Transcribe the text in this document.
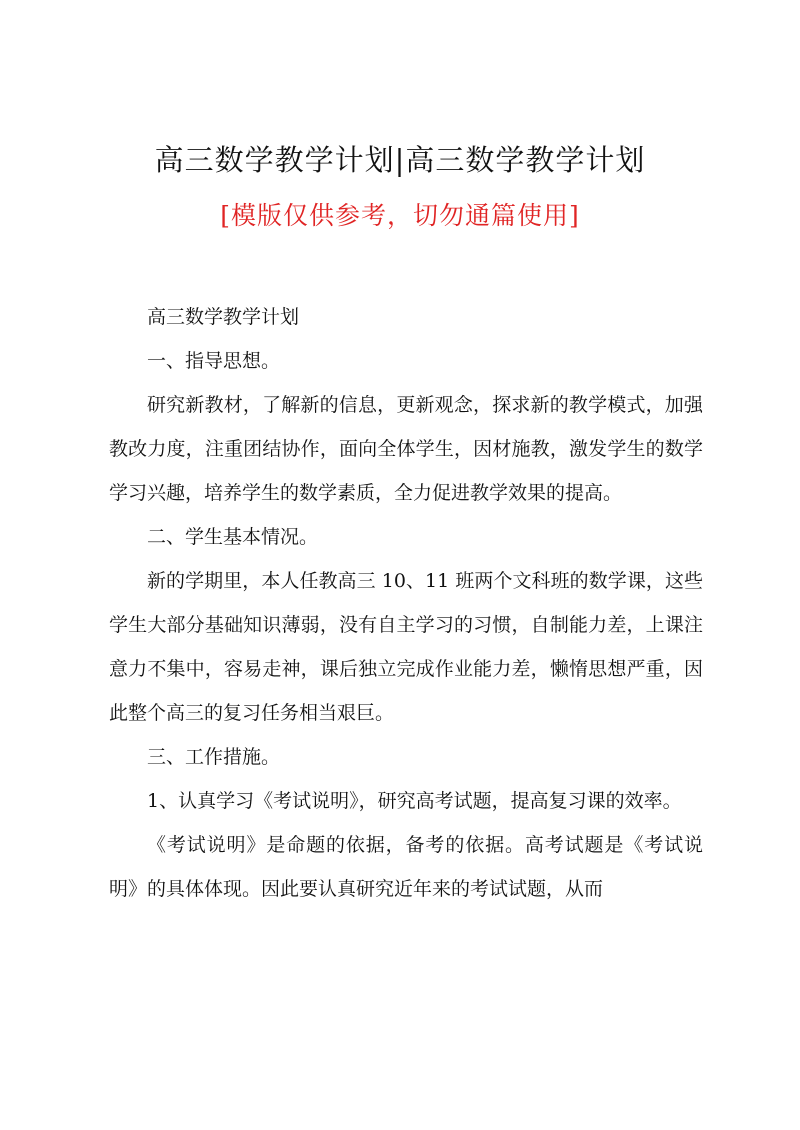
高三数学教学计划|高三数学教学计划
[模版仅供参考，切勿通篇使用]

高三数学教学计划

一、指导思想。

研究新教材，了解新的信息，更新观念，探求新的教学模式，加强教改力度，注重团结协作，面向全体学生，因材施教，激发学生的数学学习兴趣，培养学生的数学素质，全力促进教学效果的提高。

二、学生基本情况。

新的学期里，本人任教高三 10、11 班两个文科班的数学课，这些学生大部分基础知识薄弱，没有自主学习的习惯，自制能力差，上课注意力不集中，容易走神，课后独立完成作业能力差，懒惰思想严重，因此整个高三的复习任务相当艰巨。

三、工作措施。

1、认真学习《考试说明》，研究高考试题，提高复习课的效率。

《考试说明》是命题的依据，备考的依据。高考试题是《考试说明》的具体体现。因此要认真研究近年来的考试试题，从而
